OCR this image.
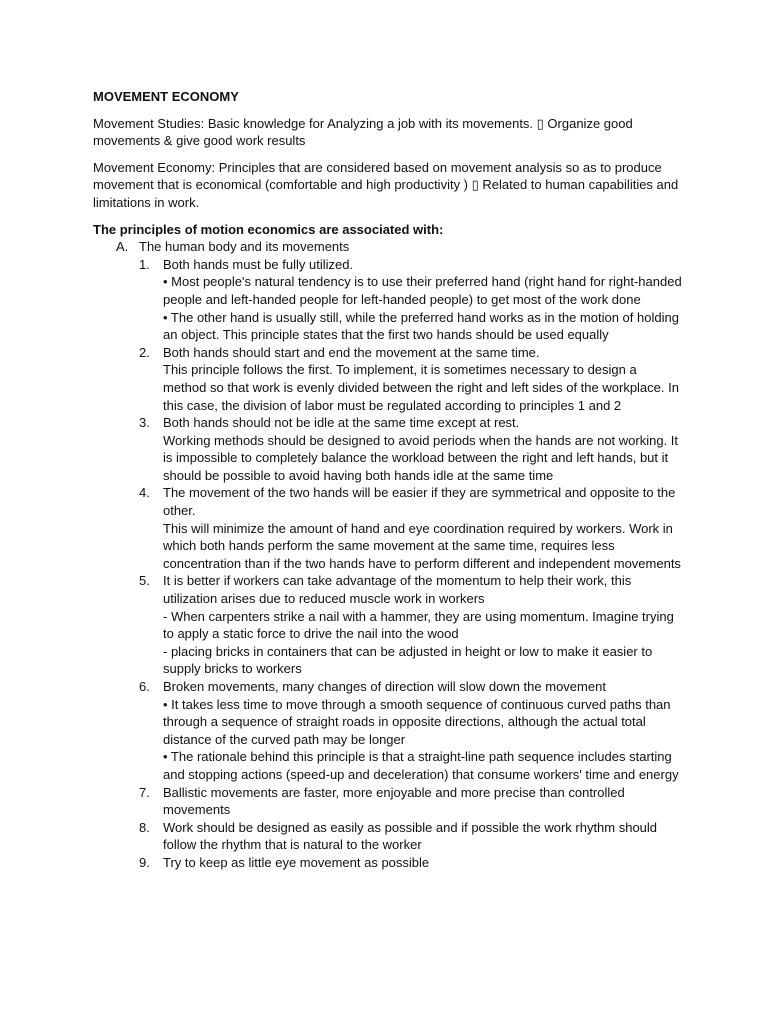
MOVEMENT ECONOMY
Movement Studies: Basic knowledge for Analyzing a job with its movements. ▯ Organize good movements & give good work results
Movement Economy: Principles that are considered based on movement analysis so as to produce movement that is economical (comfortable and high productivity ) ▯ Related to human capabilities and limitations in work.
The principles of motion economics are associated with:
A. The human body and its movements
1.	Both hands must be fully utilized.
• Most people's natural tendency is to use their preferred hand (right hand for right-handed people and left-handed people for left-handed people) to get most of the work done
• The other hand is usually still, while the preferred hand works as in the motion of holding an object. This principle states that the first two hands should be used equally
2.	Both hands should start and end the movement at the same time.
This principle follows the first. To implement, it is sometimes necessary to design a method so that work is evenly divided between the right and left sides of the workplace. In this case, the division of labor must be regulated according to principles 1 and 2
3.	Both hands should not be idle at the same time except at rest.
Working methods should be designed to avoid periods when the hands are not working. It is impossible to completely balance the workload between the right and left hands, but it should be possible to avoid having both hands idle at the same time
4.	The movement of the two hands will be easier if they are symmetrical and opposite to the other.
This will minimize the amount of hand and eye coordination required by workers. Work in which both hands perform the same movement at the same time, requires less concentration than if the two hands have to perform different and independent movements
5.	It is better if workers can take advantage of the momentum to help their work, this utilization arises due to reduced muscle work in workers
- When carpenters strike a nail with a hammer, they are using momentum. Imagine trying to apply a static force to drive the nail into the wood
- placing bricks in containers that can be adjusted in height or low to make it easier to supply bricks to workers
6.	Broken movements, many changes of direction will slow down the movement
• It takes less time to move through a smooth sequence of continuous curved paths than through a sequence of straight roads in opposite directions, although the actual total distance of the curved path may be longer
• The rationale behind this principle is that a straight-line path sequence includes starting and stopping actions (speed-up and deceleration) that consume workers' time and energy
7.	Ballistic movements are faster, more enjoyable and more precise than controlled movements
8.	Work should be designed as easily as possible and if possible the work rhythm should follow the rhythm that is natural to the worker
9.	Try to keep as little eye movement as possible
